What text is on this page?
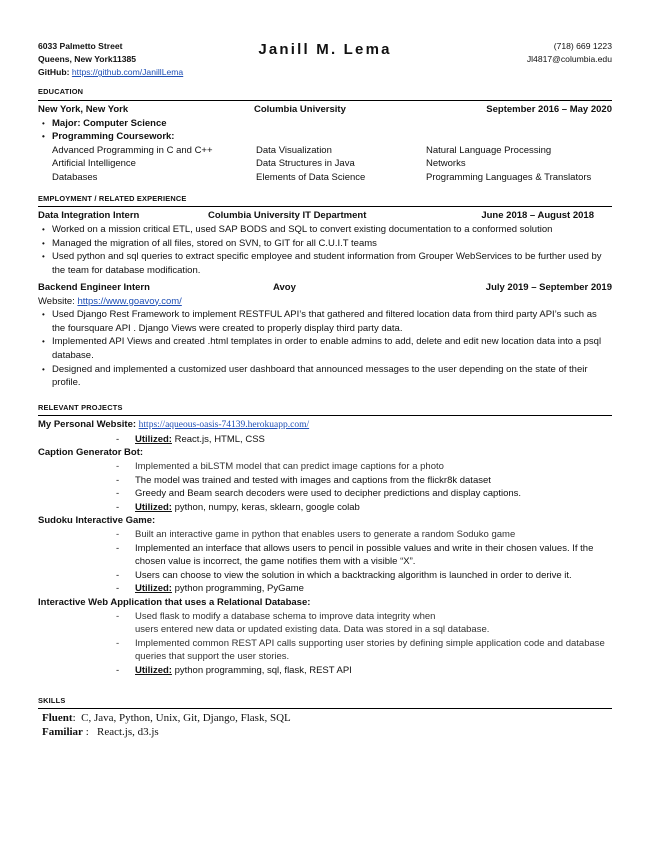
6033 Palmetto Street
Queens, New York11385
GitHub: https://github.com/JanillLema
Janill M. Lema	(718) 669 1223
Jl4817@columbia.edu
EDUCATION
New York, New York	Columbia University	September 2016 – May 2020
• Major: Computer Science
• Programming Coursework:
Advanced Programming in C and C++	Data Visualization	Natural Language Processing
Artificial Intelligence	Data Structures in Java	Networks
Databases	Elements of Data Science	Programming Languages & Translators
EMPLOYMENT / RELATED EXPERIENCE
Data Integration Intern	Columbia University IT Department	June 2018 – August 2018
• Worked on a mission critical ETL, used SAP BODS and SQL to convert existing documentation to a conformed solution
• Managed the migration of all files, stored on SVN, to GIT for all C.U.I.T teams
• Used python and sql queries to extract specific employee and student information from Grouper WebServices to be further used by the team for database modification.
Backend Engineer Intern	Avoy	July 2019 – September 2019
Website: https://www.goavoy.com/
• Used Django Rest Framework to implement RESTFUL API’s that gathered and filtered location data from third party API’s such as the foursquare API . Django Views were created to properly display third party data.
• Implemented API Views and created .html templates in order to enable admins to add, delete and edit new location data into a psql database.
• Designed and implemented a customized user dashboard that announced messages to the user depending on the state of their profile.
RELEVANT PROJECTS
My Personal Website: https://aqueous-oasis-74139.herokuapp.com/
- Utilized: React.js, HTML, CSS
Caption Generator Bot:
- Implemented a biLSTM model that can predict image captions for a photo
- The model was trained and tested with images and captions from the flickr8k dataset
- Greedy and Beam search decoders were used to decipher predictions and display captions.
- Utilized: python, numpy, keras, sklearn, google colab
Sudoku Interactive Game:
- Built an interactive game in python that enables users to generate a random Soduko game
- Implemented an interface that allows users to pencil in possible values and write in their chosen values. If the chosen value is incorrect, the game notifies them with a visible “X”.
- Users can choose to view the solution in which a backtracking algorithm is launched in order to derive it.
- Utilized: python programming, PyGame
Interactive Web Application that uses a Relational Database:
- Used flask to modify a database schema to improve data integrity when
users entered new data or updated existing data. Data was stored in a sql database.
- Implemented common REST API calls supporting user stories by defining simple application code and database queries that support the user stories.
- Utilized: python programming, sql, flask, REST API
SKILLS
Fluent:  C, Java, Python, Unix, Git, Django, Flask, SQL
Familiar :   React.js, d3.js
